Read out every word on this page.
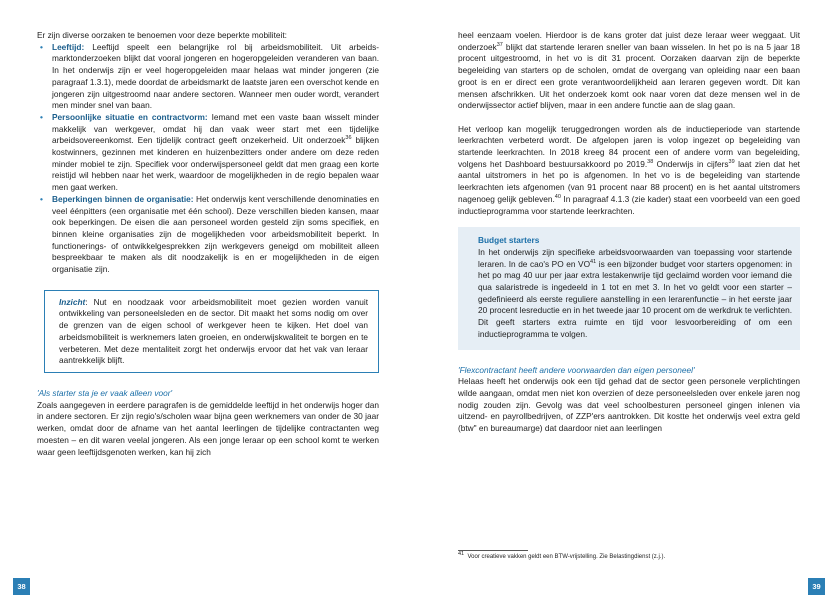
Er zijn diverse oorzaken te benoemen voor deze beperkte mobiliteit:

• Leeftijd: Leeftijd speelt een belangrijke rol bij arbeidsmobiliteit. Uit arbeids-marktonderzoeken blijkt dat vooral jongeren en hogeropgeleiden veranderen van baan. In het onderwijs zijn er veel hogeropgeleiden maar helaas wat minder jongeren (zie paragraaf 1.3.1), mede doordat de arbeidsmarkt de laatste jaren een overschot kende en jongeren zijn uitgestroomd naar andere sectoren. Wanneer men ouder wordt, verandert men minder snel van baan.
• Persoonlijke situatie en contractvorm: Iemand met een vaste baan wisselt minder makkelijk van werkgever, omdat hij dan vaak weer start met een tijdelijke arbeidsovereenkomst. Een tijdelijk contract geeft onzekerheid. Uit onderzoek$^{36}$ blijken kostwinners, gezinnen met kinderen en huizenbezitters onder andere om deze reden minder mobiel te zijn. Specifiek voor onderwijspersoneel geldt dat men graag een korte reistijd wil hebben naar het werk, waardoor de mogelijkheden in de regio bepalen waar men gaat werken.
• Beperkingen binnen de organisatie: Het onderwijs kent verschillende denominaties en veel éénpitters (een organisatie met één school). Deze verschillen bieden kansen, maar ook beperkingen. De eisen die aan personeel worden gesteld zijn soms specifiek, en binnen kleine organisaties zijn de mogelijkheden voor arbeidsmobiliteit beperkt. In functionerings- of ontwikkelgesprekken zijn werkgevers geneigd om mobiliteit alleen bespreekbaar te maken als dit noodzakelijk is en er mogelijkheden in de eigen organisatie zijn.

Inzicht: Nut en noodzaak voor arbeidsmobiliteit moet gezien worden vanuit ontwikkeling van personeelsleden en de sector. Dit maakt het soms nodig om over de grenzen van de eigen school of werkgever heen te kijken. Het doel van arbeidsmobiliteit is werknemers laten groeien, en onderwijskwaliteit te borgen en te verbeteren. Met deze mentaliteit zorgt het onderwijs ervoor dat het vak van leraar aantrekkelijk blijft.

'Als starter sta je er vaak alleen voor'

Zoals aangegeven in eerdere paragrafen is de gemiddelde leeftijd in het onderwijs hoger dan in andere sectoren. Er zijn regio's/scholen waar bijna geen werknemers van onder de 30 jaar werken, omdat door de afname van het aantal leerlingen de tijdelijke contractanten weg moesten – en dit waren veelal jongeren. Als een jonge leraar op een school komt te werken waar geen leeftijdsgenoten werken, kan hij zich

heel eenzaam voelen. Hierdoor is de kans groter dat juist deze leraar weer weggaat. Uit onderzoek$^{37}$ blijkt dat startende leraren sneller van baan wisselen. In het po is na 5 jaar 18 procent uitgestroomd, in het vo is dit 31 procent. Oorzaken daarvan zijn de beperkte begeleiding van starters op de scholen, omdat de overgang van opleiding naar een baan groot is en er direct een grote verantwoordelijkheid aan leraren gegeven wordt. Dit kan mensen afschrikken. Uit het onderzoek komt ook naar voren dat deze mensen wel in de onderwijssector actief blijven, maar in een andere functie aan de slag gaan.

Het verloop kan mogelijk teruggedrongen worden als de inductieperiode van startende leerkrachten verbeterd wordt. De afgelopen jaren is volop ingezet op begeleiding van startende leerkrachten. In 2018 kreeg 84 procent een of andere vorm van begeleiding, volgens het Dashboard bestuursakkoord po 2019.38 Onderwijs in cijfers$^{39}$ laat zien dat het aantal uitstromers in het po is afgenomen. In het vo is de begeleiding van startende leerkrachten iets afgenomen (van 91 procent naar 88 procent) en is het aantal uitstromers nagenoeg gelijk gebleven.$^{40}$ In paragraaf 4.1.3 (zie kader) staat een voorbeeld van een goed inductieprogramma voor startende leerkrachten.

Budget starters

In het onderwijs zijn specifieke arbeidsvoorwaarden van toepassing voor startende leraren. In de cao's PO en VO$^{41}$ is een bijzonder budget voor starters opgenomen: in het po mag 40 uur per jaar extra lestakenwrije tijd geclaimd worden voor iemand die qua salaristrede is ingedeeld in 1 tot en met 3. In het vo geldt voor een starter – gedefinieerd als eerste reguliere aanstelling in een lerarenfunctie – in het eerste jaar 20 procent lesreductie en in het tweede jaar 10 procent om de werkdruk te verlichten. Dit geeft starters extra ruimte en tijd voor lesvoorbereiding of om een inductieprogramma te volgen.

'Flexcontractant heeft andere voorwaarden dan eigen personeel'

Helaas heeft het onderwijs ook een tijd gehad dat de sector geen personele verplichtingen wilde aangaan, omdat men niet kon overzien of deze personeelsleden over enkele jaren nog nodig zouden zijn. Gevolg was dat veel schoolbesturen personeel gingen inlenen via uitzend- en payrollbedrijven, of ZZP'ers aantrokken. Dit kostte het onderwijs veel extra geld (btw" en bureaumarge) dat daardoor niet aan leerlingen

$^{41}$ Voor creatieve vakken geldt een BTW-vrijstelling. Zie Belastingdienst (z.j.).
38	39
